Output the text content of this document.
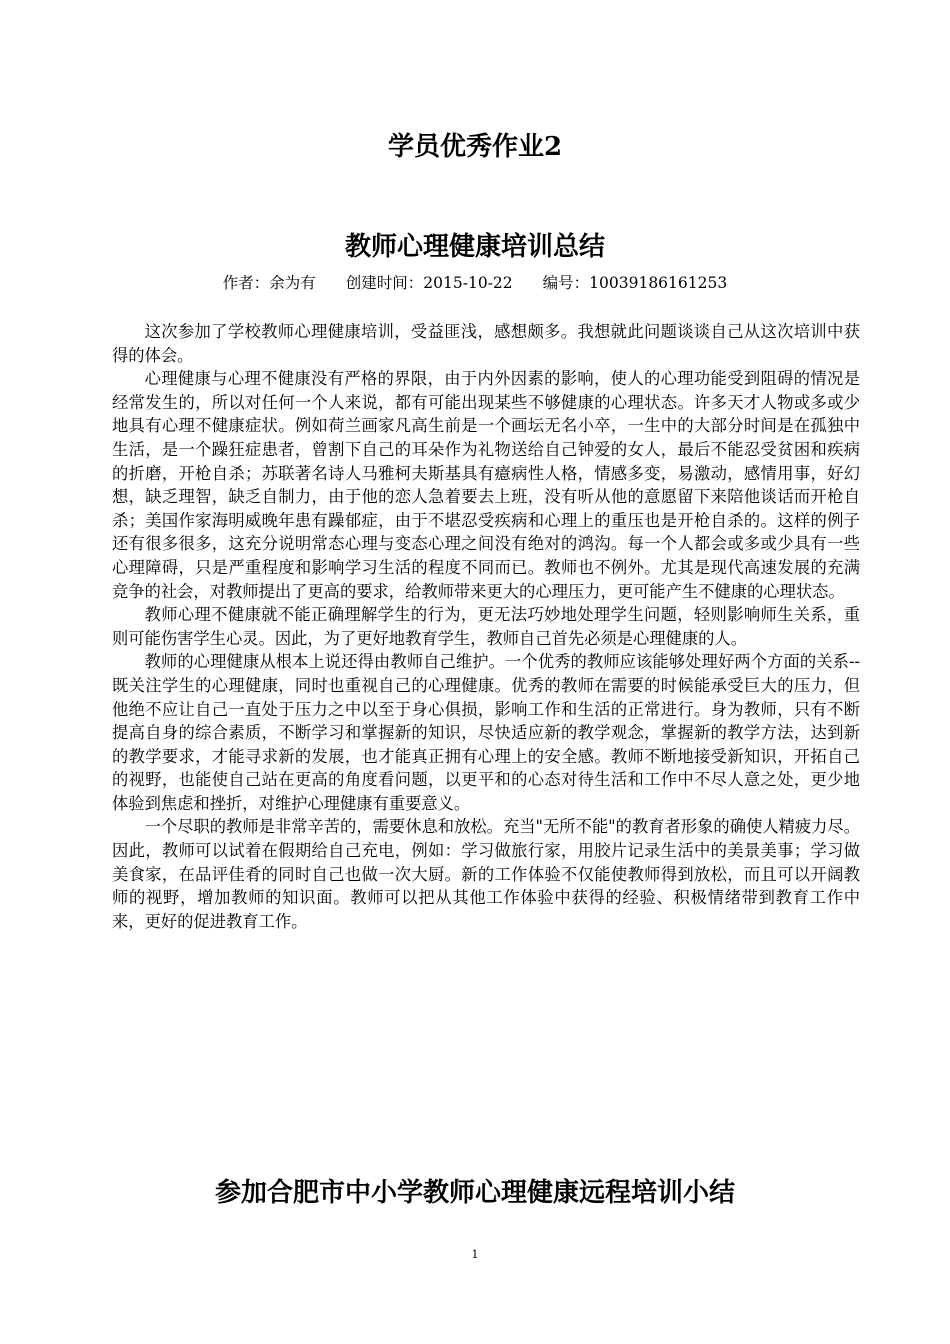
学员优秀作业2
教师心理健康培训总结
作者：余为有 创建时间：2015-10-22 编号：10039186161253

这次参加了学校教师心理健康培训，受益匪浅，感想颇多。我想就此问题谈谈自己从这次培训中获得的体会。

心理健康与心理不健康没有严格的界限，由于内外因素的影响，使人的心理功能受到阻碍的情况是经常发生的，所以对任何一个人来说，都有可能出现某些不够健康的心理状态。许多天才人物或多或少地具有心理不健康症状。例如荷兰画家凡高生前是一个画坛无名小卒，一生中的大部分时间是在孤独中生活，是一个躁狂症患者，曾割下自己的耳朵作为礼物送给自己钟爱的女人，最后不能忍受贫困和疾病的折磨，开枪自杀；苏联著名诗人马雅柯夫斯基具有癔病性人格，情感多变，易激动，感情用事，好幻想，缺乏理智，缺乏自制力，由于他的恋人急着要去上班，没有听从他的意愿留下来陪他谈话而开枪自杀；美国作家海明威晚年患有躁郁症，由于不堪忍受疾病和心理上的重压也是开枪自杀的。这样的例子还有很多很多，这充分说明常态心理与变态心理之间没有绝对的鸿沟。每一个人都会或多或少具有一些心理障碍，只是严重程度和影响学习生活的程度不同而已。教师也不例外。尤其是现代高速发展的充满竞争的社会，对教师提出了更高的要求，给教师带来更大的心理压力，更可能产生不健康的心理状态。

教师心理不健康就不能正确理解学生的行为，更无法巧妙地处理学生问题，轻则影响师生关系，重则可能伤害学生心灵。因此，为了更好地教育学生，教师自己首先必须是心理健康的人。

教师的心理健康从根本上说还得由教师自己维护。一个优秀的教师应该能够处理好两个方面的关系--既关注学生的心理健康，同时也重视自己的心理健康。优秀的教师在需要的时候能承受巨大的压力，但他绝不应让自己一直处于压力之中以至于身心俱损，影响工作和生活的正常进行。身为教师，只有不断提高自身的综合素质，不断学习和掌握新的知识，尽快适应新的教学观念，掌握新的教学方法，达到新的教学要求，才能寻求新的发展，也才能真正拥有心理上的安全感。教师不断地接受新知识，开拓自己的视野，也能使自己站在更高的角度看问题，以更平和的心态对待生活和工作中不尽人意之处，更少地体验到焦虑和挫折，对维护心理健康有重要意义。

一个尽职的教师是非常辛苦的，需要休息和放松。充当"无所不能"的教育者形象的确使人精疲力尽。因此，教师可以试着在假期给自己充电，例如：学习做旅行家，用胶片记录生活中的美景美事；学习做美食家，在品评佳肴的同时自己也做一次大厨。新的工作体验不仅能使教师得到放松，而且可以开阔教师的视野，增加教师的知识面。教师可以把从其他工作体验中获得的经验、积极情绪带到教育工作中来，更好的促进教育工作。

参加合肥市中小学教师心理健康远程培训小结
1
